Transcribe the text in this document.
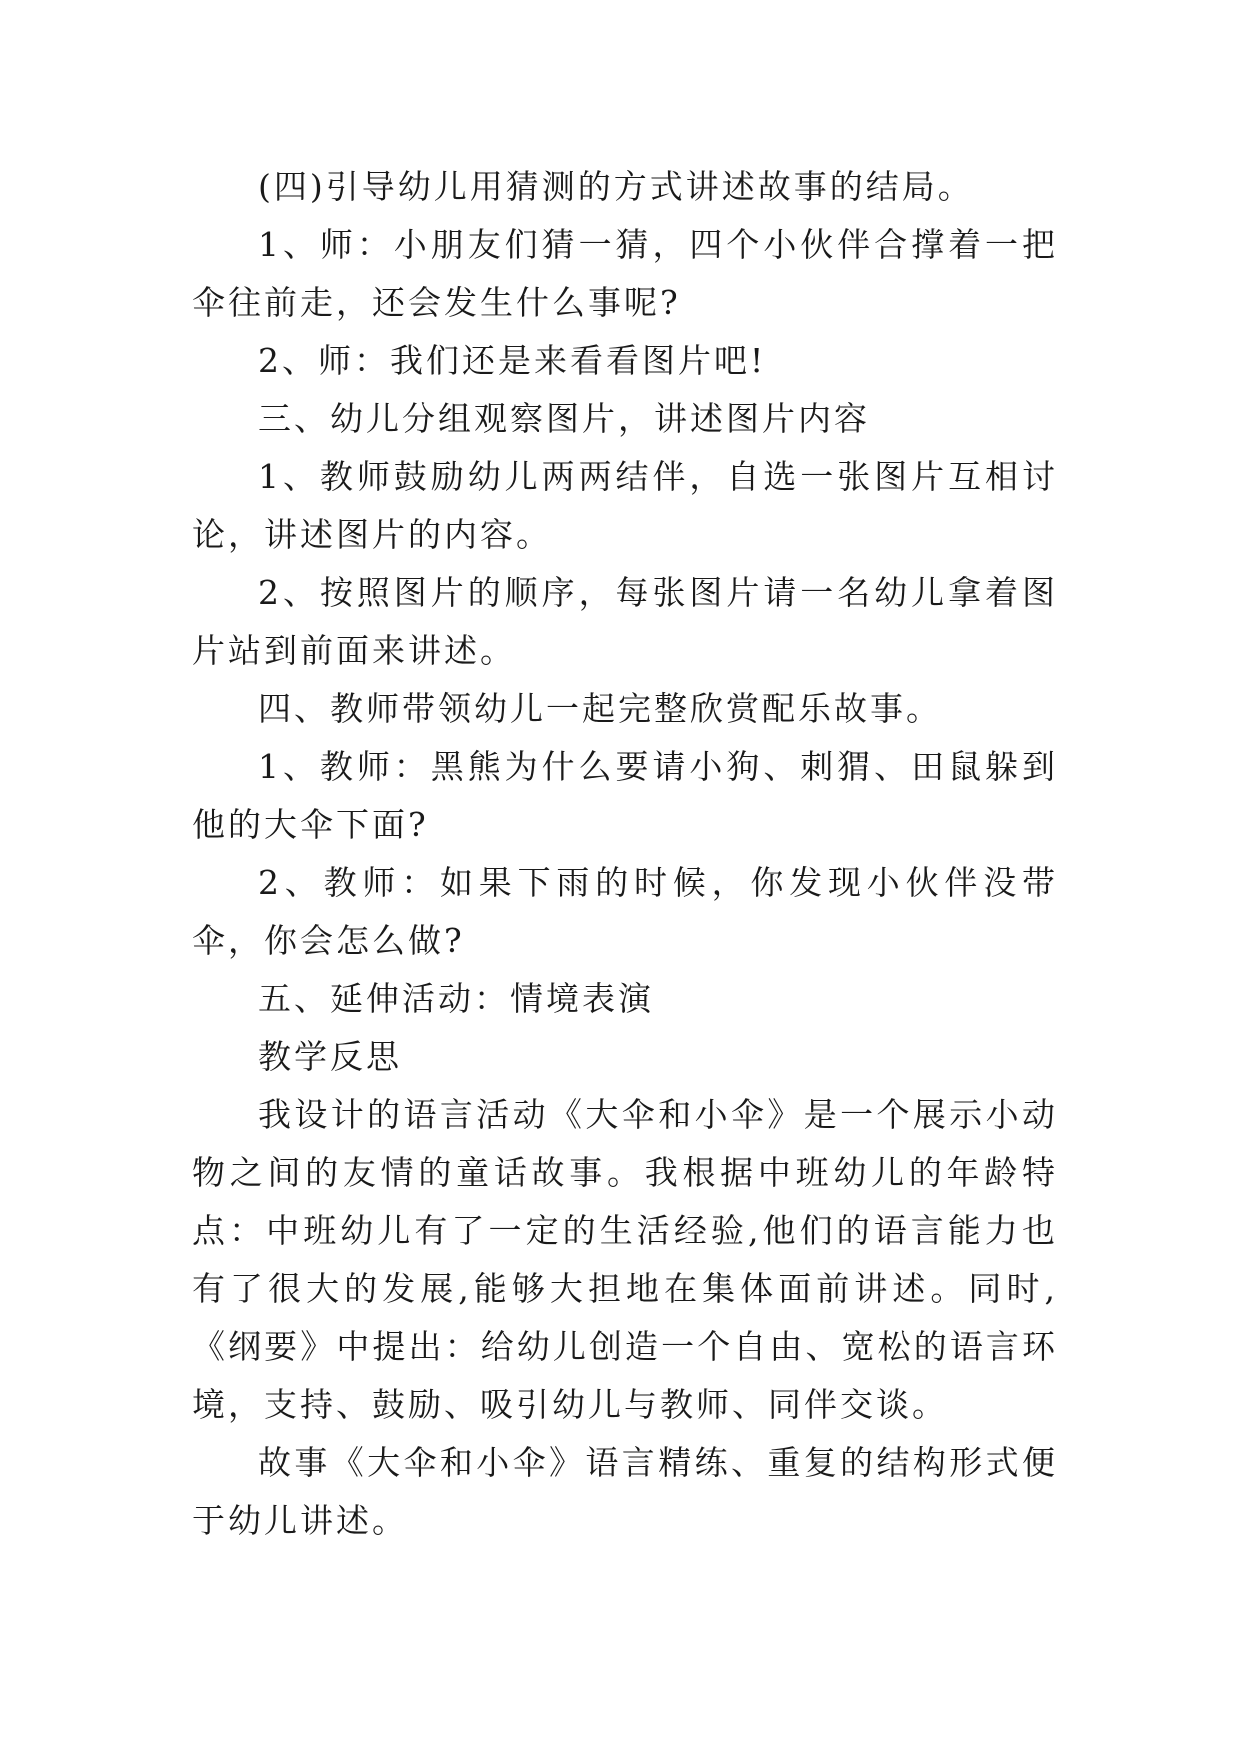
(四)引导幼儿用猜测的方式讲述故事的结局。

1、师：小朋友们猜一猜，四个小伙伴合撑着一把伞往前走，还会发生什么事呢?

2、师：我们还是来看看图片吧!

三、幼儿分组观察图片，讲述图片内容

1、教师鼓励幼儿两两结伴，自选一张图片互相讨论，讲述图片的内容。

2、按照图片的顺序，每张图片请一名幼儿拿着图片站到前面来讲述。

四、教师带领幼儿一起完整欣赏配乐故事。

1、教师：黑熊为什么要请小狗、刺猬、田鼠躲到他的大伞下面?

2、教师：如果下雨的时候，你发现小伙伴没带伞，你会怎么做?

五、延伸活动：情境表演

教学反思

我设计的语言活动《大伞和小伞》是一个展示小动物之间的友情的童话故事。我根据中班幼儿的年龄特点：中班幼儿有了一定的生活经验,他们的语言能力也有了很大的发展,能够大担地在集体面前讲述。同时,《纲要》中提出：给幼儿创造一个自由、宽松的语言环境，支持、鼓励、吸引幼儿与教师、同伴交谈。

故事《大伞和小伞》语言精练、重复的结构形式便于幼儿讲述。
